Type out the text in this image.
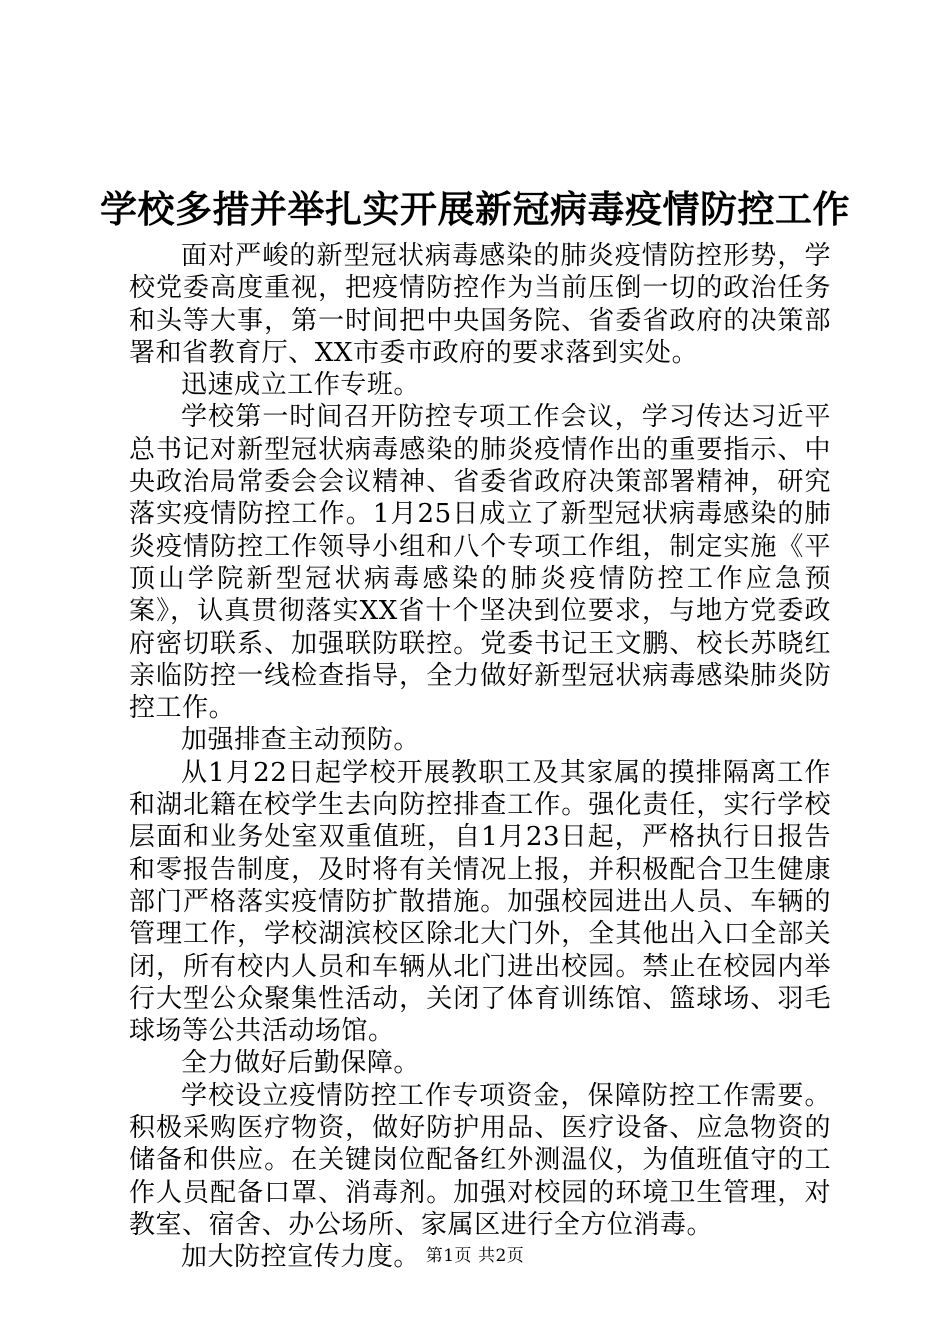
学校多措并举扎实开展新冠病毒疫情防控工作

面对严峻的新型冠状病毒感染的肺炎疫情防控形势，学校党委高度重视，把疫情防控作为当前压倒一切的政治任务和头等大事，第一时间把中央国务院、省委省政府的决策部署和省教育厅、XX市委市政府的要求落到实处。

迅速成立工作专班。

学校第一时间召开防控专项工作会议，学习传达习近平总书记对新型冠状病毒感染的肺炎疫情作出的重要指示、中央政治局常委会会议精神、省委省政府决策部署精神，研究落实疫情防控工作。1月25日成立了新型冠状病毒感染的肺炎疫情防控工作领导小组和八个专项工作组，制定实施《平顶山学院新型冠状病毒感染的肺炎疫情防控工作应急预案》，认真贯彻落实XX省十个坚决到位要求，与地方党委政府密切联系、加强联防联控。党委书记王文鹏、校长苏晓红亲临防控一线检查指导，全力做好新型冠状病毒感染肺炎防控工作。

加强排查主动预防。

从1月22日起学校开展教职工及其家属的摸排隔离工作和湖北籍在校学生去向防控排查工作。强化责任，实行学校层面和业务处室双重值班，自1月23日起，严格执行日报告和零报告制度，及时将有关情况上报，并积极配合卫生健康部门严格落实疫情防扩散措施。加强校园进出人员、车辆的管理工作，学校湖滨校区除北大门外，全其他出入口全部关闭，所有校内人员和车辆从北门进出校园。禁止在校园内举行大型公众聚集性活动，关闭了体育训练馆、篮球场、羽毛球场等公共活动场馆。

全力做好后勤保障。

学校设立疫情防控工作专项资金，保障防控工作需要。积极采购医疗物资，做好防护用品、医疗设备、应急物资的储备和供应。在关键岗位配备红外测温仪，为值班值守的工作人员配备口罩、消毒剂。加强对校园的环境卫生管理，对教室、宿舍、办公场所、家属区进行全方位消毒。

加大防控宣传力度。 第1页 共2页
